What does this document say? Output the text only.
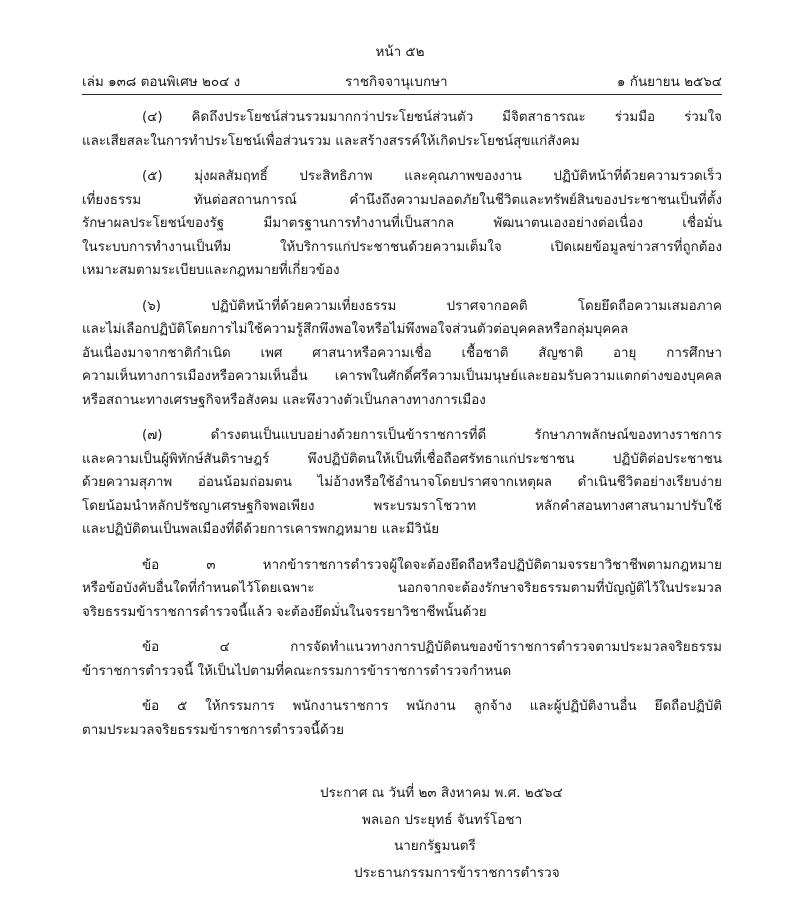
หน้า ๕๒
เล่ม ๑๓๘ ตอนพิเศษ ๒๐๔ ง	ราชกิจจานุเบกษา	๑ กันยายน ๒๕๖๔
(๔) คิดถึงประโยชน์ส่วนรวมมากกว่าประโยชน์ส่วนตัว มีจิตสาธารณะ ร่วมมือ ร่วมใจ
และเสียสละในการทำประโยชน์เพื่อส่วนรวม และสร้างสรรค์ให้เกิดประโยชน์สุขแก่สังคม
(๕) มุ่งผลสัมฤทธิ์ ประสิทธิภาพ และคุณภาพของงาน ปฏิบัติหน้าที่ด้วยความรวดเร็ว
เที่ยงธรรม ทันต่อสถานการณ์ คำนึงถึงความปลอดภัยในชีวิตและทรัพย์สินของประชาชนเป็นที่ตั้ง
รักษาผลประโยชน์ของรัฐ มีมาตรฐานการทำงานที่เป็นสากล พัฒนาตนเองอย่างต่อเนื่อง เชื่อมั่น
ในระบบการทำงานเป็นทีม ให้บริการแก่ประชาชนด้วยความเต็มใจ เปิดเผยข้อมูลข่าวสารที่ถูกต้อง
เหมาะสมตามระเบียบและกฎหมายที่เกี่ยวข้อง
(๖) ปฏิบัติหน้าที่ด้วยความเที่ยงธรรม ปราศจากอคติ โดยยึดถือความเสมอภาค
และไม่เลือกปฏิบัติโดยการไม่ใช้ความรู้สึกพึงพอใจหรือไม่พึงพอใจส่วนตัวต่อบุคคลหรือกลุ่มบุคคล
อันเนื่องมาจากชาติกำเนิด เพศ ศาสนาหรือความเชื่อ เชื้อชาติ สัญชาติ อายุ การศึกษา
ความเห็นทางการเมืองหรือความเห็นอื่น เคารพในศักดิ์ศรีความเป็นมนุษย์และยอมรับความแตกต่างของบุคคล
หรือสถานะทางเศรษฐกิจหรือสังคม และพึงวางตัวเป็นกลางทางการเมือง
(๗) ดำรงตนเป็นแบบอย่างด้วยการเป็นข้าราชการที่ดี รักษาภาพลักษณ์ของทางราชการ
และความเป็นผู้พิทักษ์สันติราษฎร์ พึงปฏิบัติตนให้เป็นที่เชื่อถือศรัทธาแก่ประชาชน ปฏิบัติต่อประชาชน
ด้วยความสุภาพ อ่อนน้อมถ่อมตน ไม่อ้างหรือใช้อำนาจโดยปราศจากเหตุผล ดำเนินชีวิตอย่างเรียบง่าย
โดยน้อมนำหลักปรัชญาเศรษฐกิจพอเพียง พระบรมราโชวาท หลักคำสอนทางศาสนามาปรับใช้
และปฏิบัติตนเป็นพลเมืองที่ดีด้วยการเคารพกฎหมาย และมีวินัย
ข้อ ๓ หากข้าราชการตำรวจผู้ใดจะต้องยึดถือหรือปฏิบัติตามจรรยาวิชาชีพตามกฎหมาย
หรือข้อบังคับอื่นใดที่กำหนดไว้โดยเฉพาะ นอกจากจะต้องรักษาจริยธรรมตามที่บัญญัติไว้ในประมวล
จริยธรรมข้าราชการตำรวจนี้แล้ว จะต้องยึดมั่นในจรรยาวิชาชีพนั้นด้วย
ข้อ ๔ การจัดทำแนวทางการปฏิบัติตนของข้าราชการตำรวจตามประมวลจริยธรรม
ข้าราชการตำรวจนี้ ให้เป็นไปตามที่คณะกรรมการข้าราชการตำรวจกำหนด
ข้อ ๕ ให้กรรมการ พนักงานราชการ พนักงาน ลูกจ้าง และผู้ปฏิบัติงานอื่น ยึดถือปฏิบัติ
ตามประมวลจริยธรรมข้าราชการตำรวจนี้ด้วย
ประกาศ ณ วันที่ ๒๓ สิงหาคม พ.ศ. ๒๕๖๔
พลเอก ประยุทธ์ จันทร์โอชา
นายกรัฐมนตรี
ประธานกรรมการข้าราชการตำรวจ
